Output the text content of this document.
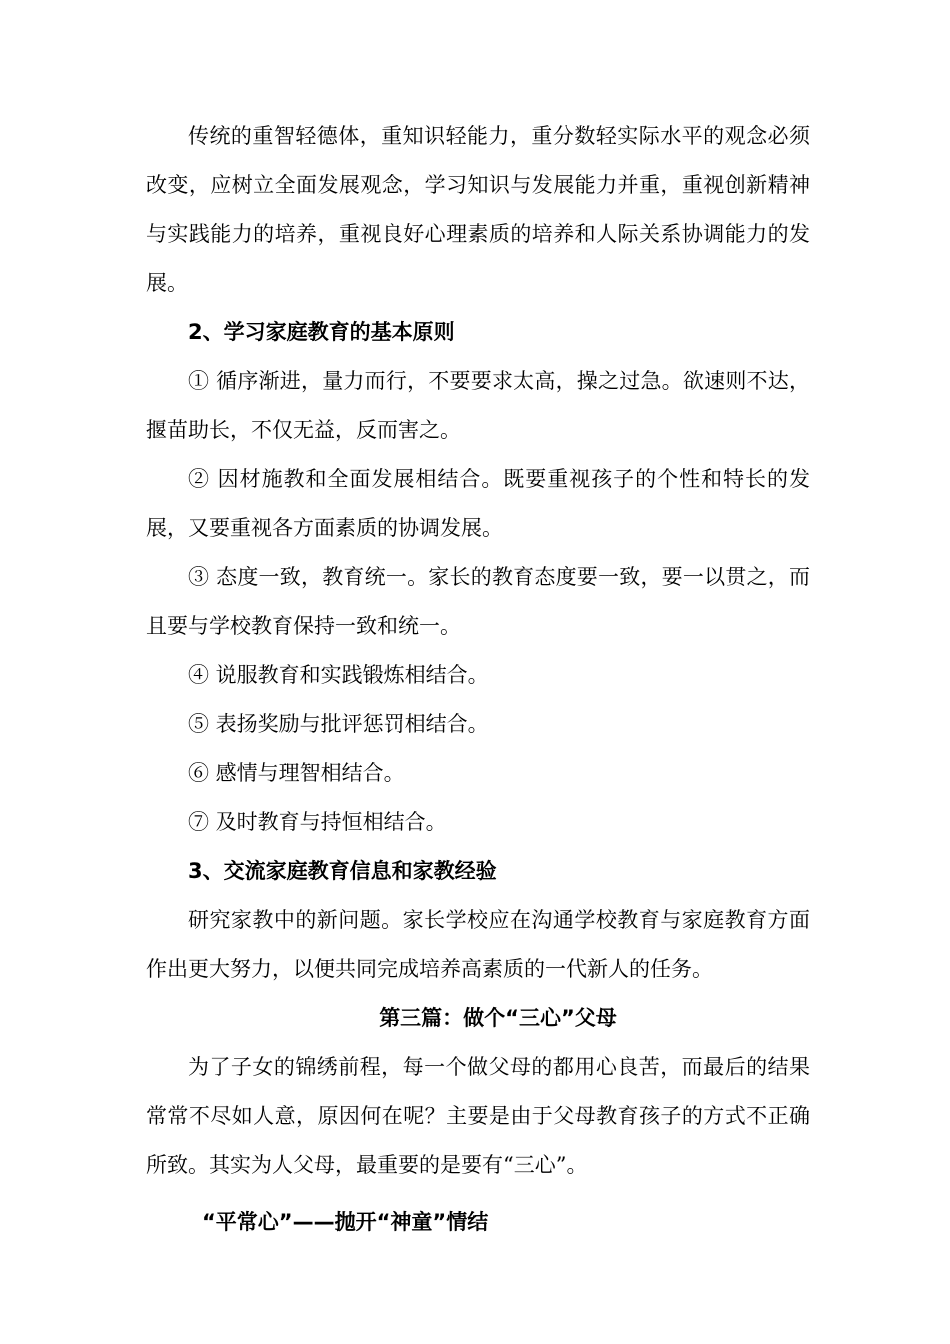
传统的重智轻德体，重知识轻能力，重分数轻实际水平的观念必须改变，应树立全面发展观念，学习知识与发展能力并重，重视创新精神与实践能力的培养，重视良好心理素质的培养和人际关系协调能力的发展。

2、学习家庭教育的基本原则

① 循序渐进，量力而行，不要要求太高，操之过急。欲速则不达，揠苗助长，不仅无益，反而害之。

② 因材施教和全面发展相结合。既要重视孩子的个性和特长的发展，又要重视各方面素质的协调发展。

③ 态度一致，教育统一。家长的教育态度要一致，要一以贯之，而且要与学校教育保持一致和统一。

④ 说服教育和实践锻炼相结合。

⑤ 表扬奖励与批评惩罚相结合。

⑥ 感情与理智相结合。

⑦ 及时教育与持恒相结合。

3、交流家庭教育信息和家教经验

研究家教中的新问题。家长学校应在沟通学校教育与家庭教育方面作出更大努力，以便共同完成培养高素质的一代新人的任务。

第三篇：做个“三心”父母

为了子女的锦绣前程，每一个做父母的都用心良苦，而最后的结果常常不尽如人意，原因何在呢？主要是由于父母教育孩子的方式不正确所致。其实为人父母，最重要的是要有“三心”。

“平常心”——抛开“神童”情结
